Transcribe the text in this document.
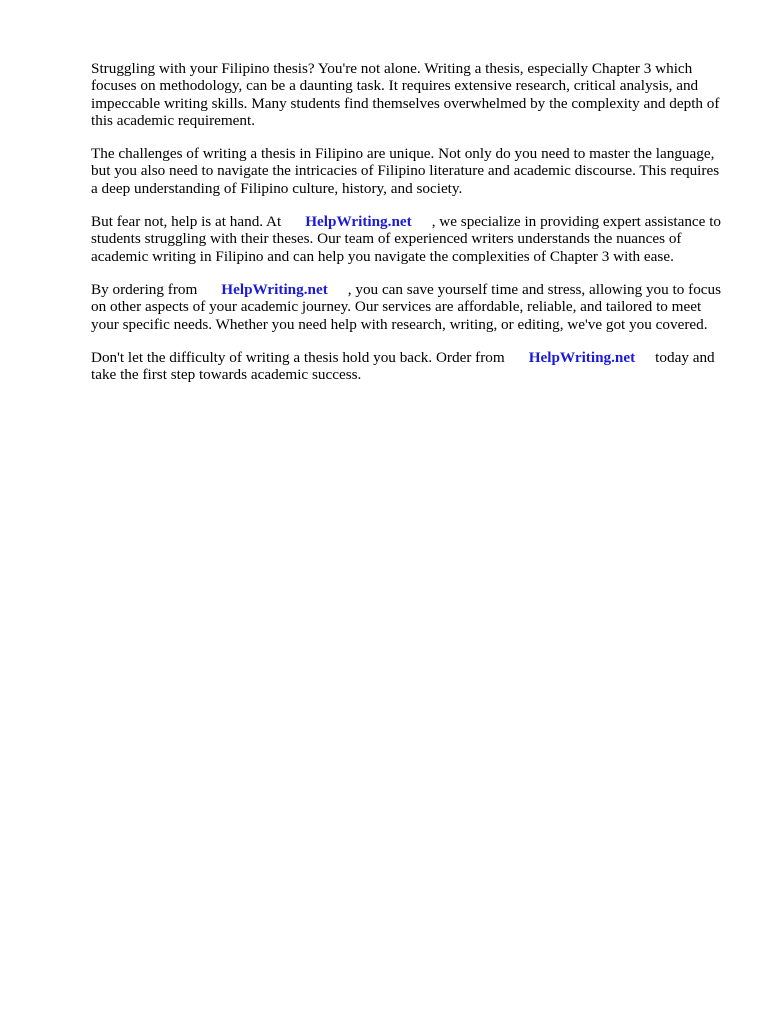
Struggling with your Filipino thesis? You're not alone. Writing a thesis, especially Chapter 3 which focuses on methodology, can be a daunting task. It requires extensive research, critical analysis, and impeccable writing skills. Many students find themselves overwhelmed by the complexity and depth of this academic requirement.

The challenges of writing a thesis in Filipino are unique. Not only do you need to master the language, but you also need to navigate the intricacies of Filipino literature and academic discourse. This requires a deep understanding of Filipino culture, history, and society.

But fear not, help is at hand. At HelpWriting.net , we specialize in providing expert assistance to students struggling with their theses. Our team of experienced writers understands the nuances of academic writing in Filipino and can help you navigate the complexities of Chapter 3 with ease.

By ordering from HelpWriting.net , you can save yourself time and stress, allowing you to focus on other aspects of your academic journey. Our services are affordable, reliable, and tailored to meet your specific needs. Whether you need help with research, writing, or editing, we've got you covered.

Don't let the difficulty of writing a thesis hold you back. Order from HelpWriting.net today and take the first step towards academic success.
